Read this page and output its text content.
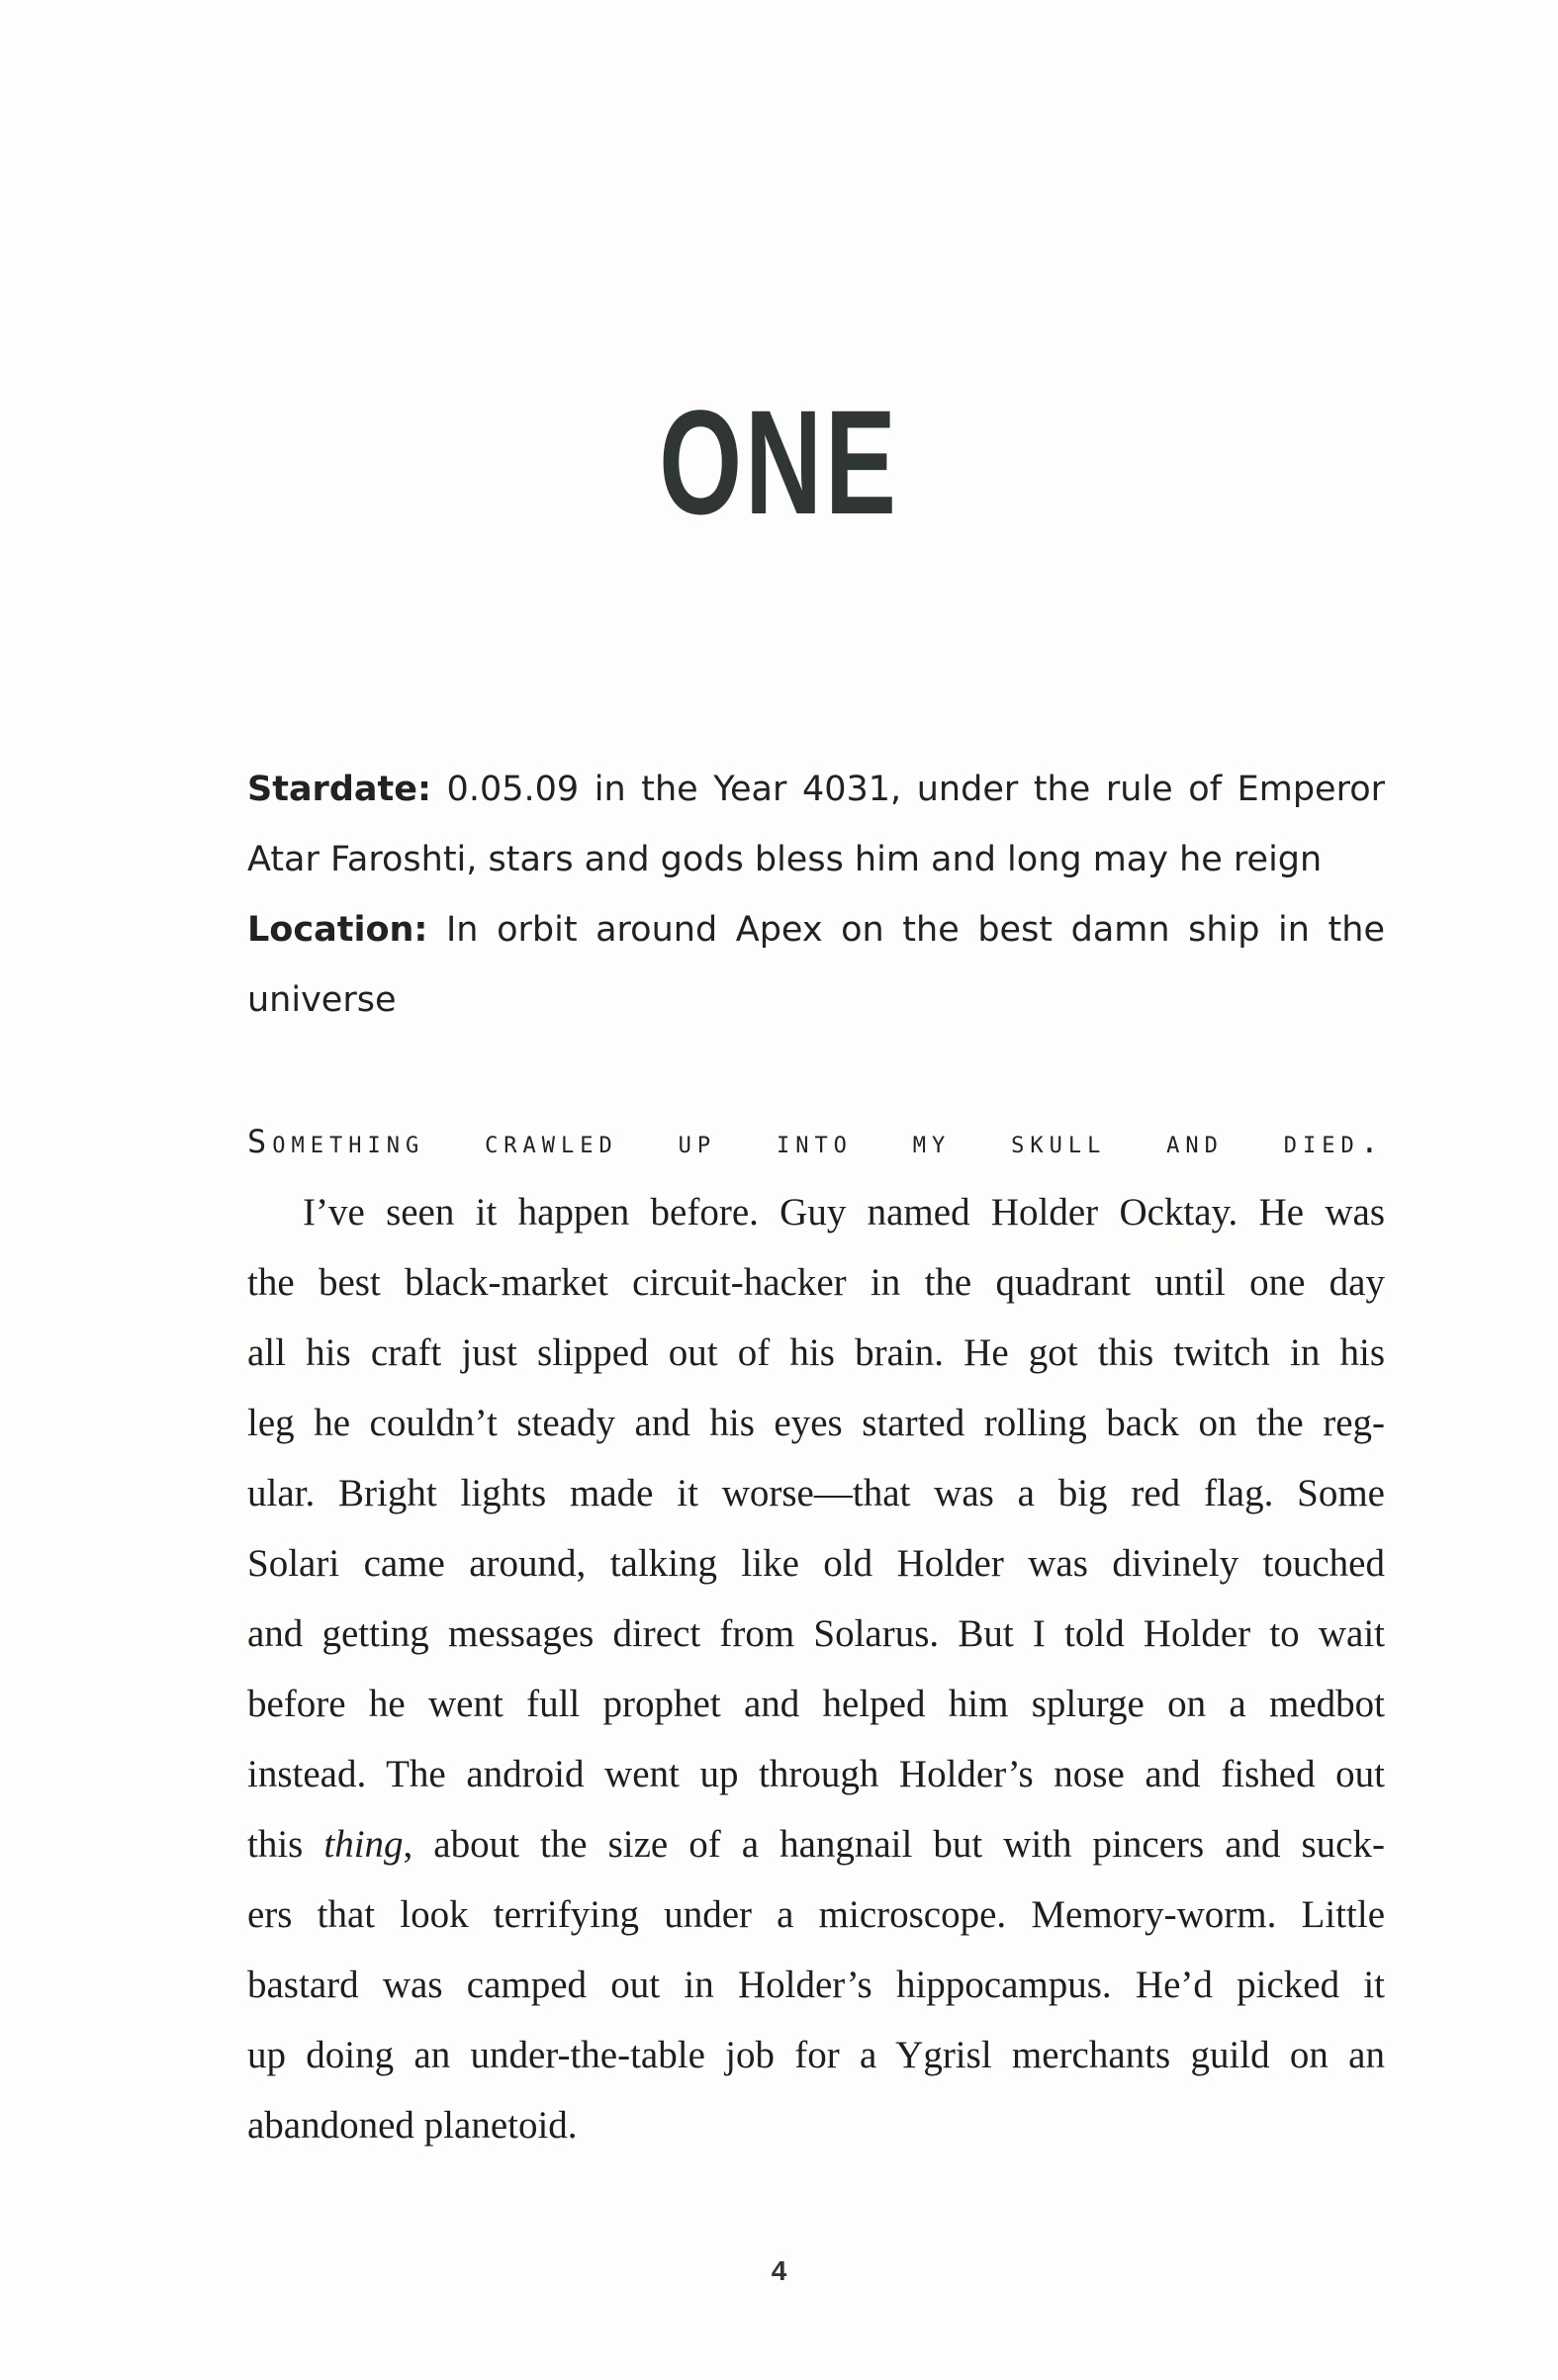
ONE
Stardate: 0.05.09 in the Year 4031, under the rule of Emperor Atar Faroshti, stars and gods bless him and long may he reign
Location: In orbit around Apex on the best damn ship in the universe
Something crawled up into my skull and died.
I’ve seen it happen before. Guy named Holder Ocktay. He was
the best black-market circuit-hacker in the quadrant until one day
all his craft just slipped out of his brain. He got this twitch in his
leg he couldn’t steady and his eyes started rolling back on the reg-
ular. Bright lights made it worse—that was a big red flag. Some
Solari came around, talking like old Holder was divinely touched
and getting messages direct from Solarus. But I told Holder to wait
before he went full prophet and helped him splurge on a medbot
instead. The android went up through Holder’s nose and fished out
this thing, about the size of a hangnail but with pincers and suck-
ers that look terrifying under a microscope. Memory-worm. Little
bastard was camped out in Holder’s hippocampus. He’d picked it
up doing an under-the-table job for a Ygrisl merchants guild on an
abandoned planetoid.
4
